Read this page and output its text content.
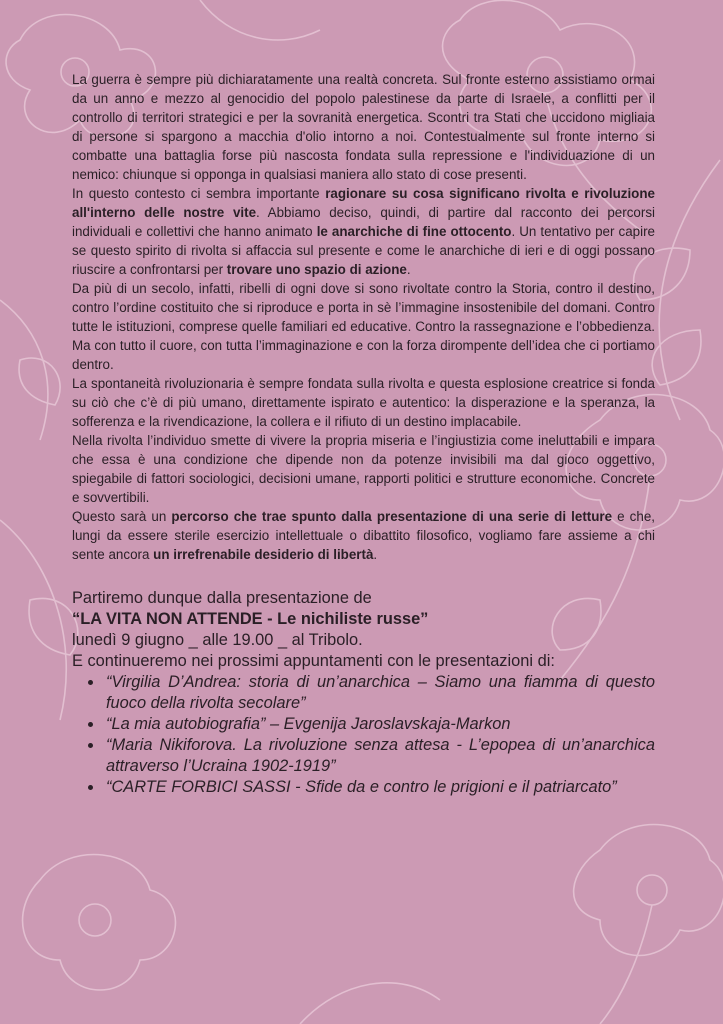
La guerra è sempre più dichiaratamente una realtà concreta. Sul fronte esterno assistiamo ormai da un anno e mezzo al genocidio del popolo palestinese da parte di Israele, a conflitti per il controllo di territori strategici e per la sovranità energetica. Scontri tra Stati che uccidono migliaia di persone si spargono a macchia d'olio intorno a noi. Contestualmente sul fronte interno si combatte una battaglia forse più nascosta fondata sulla repressione e l'individuazione di un nemico: chiunque si opponga in qualsiasi maniera allo stato di cose presenti.

In questo contesto ci sembra importante ragionare su cosa significano rivolta e rivoluzione all'interno delle nostre vite. Abbiamo deciso, quindi, di partire dal racconto dei percorsi individuali e collettivi che hanno animato le anarchiche di fine ottocento. Un tentativo per capire se questo spirito di rivolta si affaccia sul presente e come le anarchiche di ieri e di oggi possano riuscire a confrontarsi per trovare uno spazio di azione.

Da più di un secolo, infatti, ribelli di ogni dove si sono rivoltate contro la Storia, contro il destino, contro l’ordine costituito che si riproduce e porta in sè l’immagine insostenibile del domani. Contro tutte le istituzioni, comprese quelle familiari ed educative. Contro la rassegnazione e l’obbedienza. Ma con tutto il cuore, con tutta l’immaginazione e con la forza dirompente dell’idea che ci portiamo dentro.

La spontaneità rivoluzionaria è sempre fondata sulla rivolta e questa esplosione creatrice si fonda su ciò che c’è di più umano, direttamente ispirato e autentico: la disperazione e la speranza, la sofferenza e la rivendicazione, la collera e il rifiuto di un destino implacabile.

Nella rivolta l’individuo smette di vivere la propria miseria e l’ingiustizia come ineluttabili e impara che essa è una condizione che dipende non da potenze invisibili ma dal gioco oggettivo, spiegabile di fattori sociologici, decisioni umane, rapporti politici e strutture economiche. Concrete e sovvertibili.

Questo sarà un percorso che trae spunto dalla presentazione di una serie di letture e che, lungi da essere sterile esercizio intellettuale o dibattito filosofico, vogliamo fare assieme a chi sente ancora un irrefrenabile desiderio di libertà.

Partiremo dunque dalla presentazione de

“LA VITA NON ATTENDE - Le nichiliste russe”

lunedì 9 giugno _ alle 19.00 _ al Tribolo.

E continueremo nei prossimi appuntamenti con le presentazioni di:

• “Virgilia D’Andrea: storia di un’anarchica – Siamo una fiamma di questo fuoco della rivolta secolare”
• “La mia autobiografia” – Evgenija Jaroslavskaja-Markon
• “Maria Nikiforova. La rivoluzione senza attesa - L’epopea di un’anarchica attraverso l’Ucraina 1902-1919”
• “CARTE FORBICI SASSI - Sfide da e contro le prigioni e il patriarcato”
